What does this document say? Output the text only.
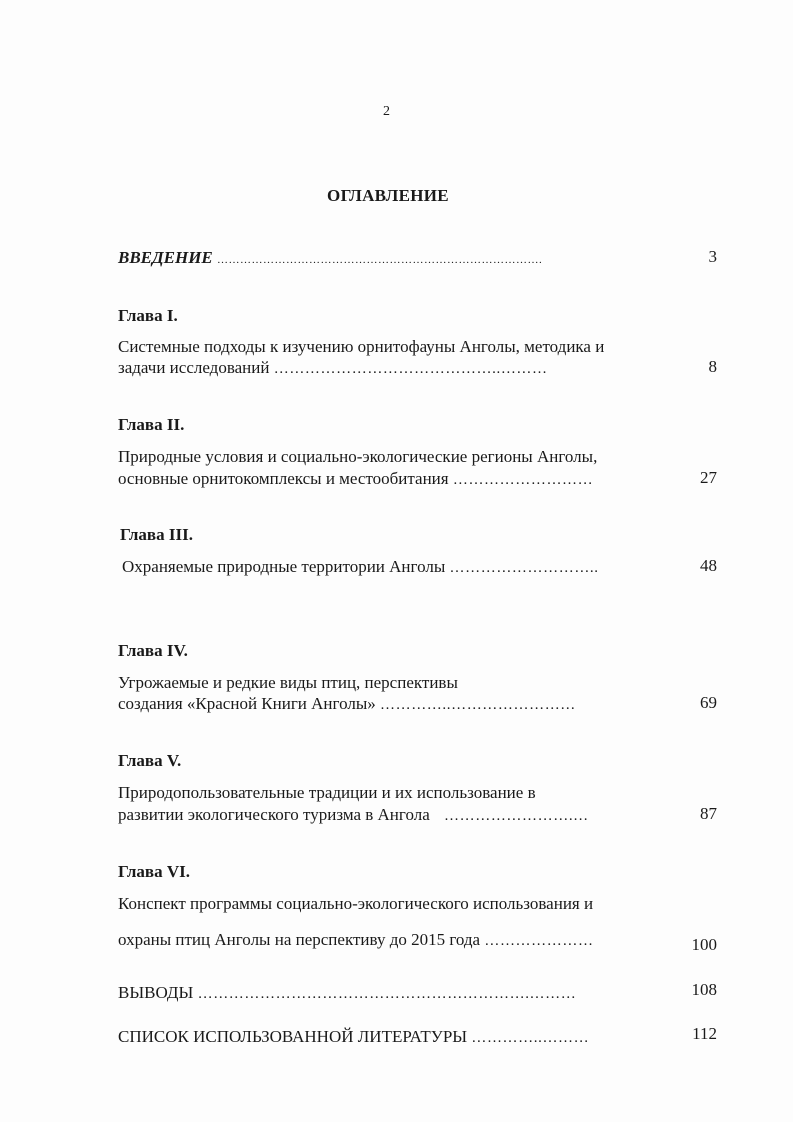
2
ОГЛАВЛЕНИЕ
ВВЕДЕНИЕ ………………………………………………………………………….	3
Глава I.
Системные подходы к изучению орнитофауны Анголы, методика и
задачи исследований ……………………………………..………	8
Глава II.
Природные условия и социально-экологические регионы Анголы,
основные орнитокомплексы и местообитания ………………………	27
Глава III.
Охраняемые природные территории Анголы ………………………..	48
Глава IV.
Угрожаемые и редкие виды птиц, перспективы
создания «Красной Книги Анголы» …………..……………………	69
Глава V.
Природопользовательные традиции и их использование в
развитии экологического туризма в Ангола …………………….…	87
Глава VI.
Конспект программы социально-экологического использования и
охраны птиц Анголы на перспективу до 2015 года …………………	100
ВЫВОДЫ ……………………………………………………….………	108
СПИСОК ИСПОЛЬЗОВАННОЙ ЛИТЕРАТУРЫ …………..………	112
